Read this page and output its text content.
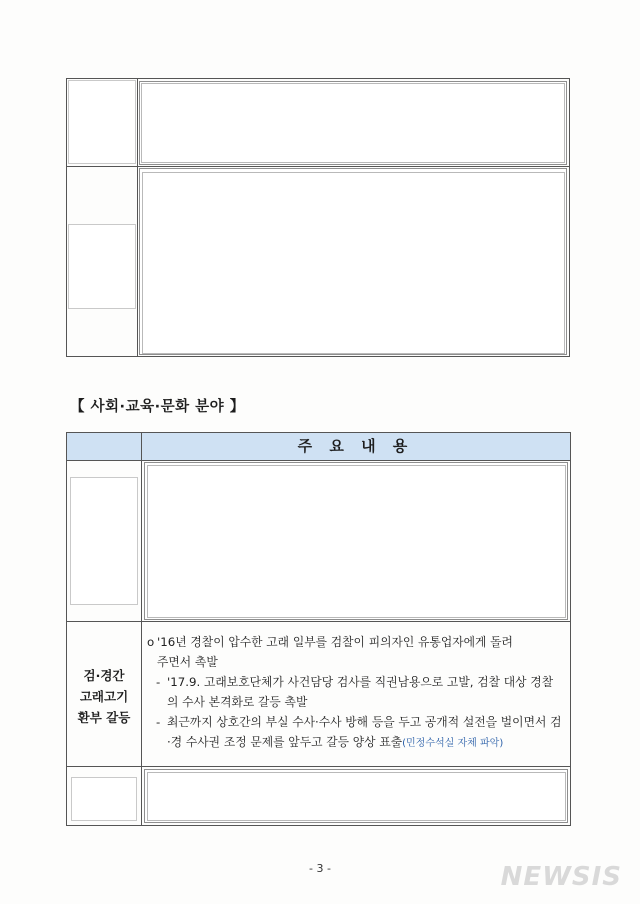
【 사회·교육·문화 분야 】
주 요 내 용
검·경간
고래고기
환부 갈등
o '16년 경찰이 압수한 고래 일부를 검찰이 피의자인 유통업자에게 돌려
주면서 촉발
- '17.9. 고래보호단체가 사건담당 검사를 직권남용으로 고발, 검찰 대상 경찰의 수사 본격화로 갈등 촉발
- 최근까지 상호간의 부실 수사·수사 방해 등을 두고 공개적 설전을 벌이면서 검·경 수사권 조정 문제를 앞두고 갈등 양상 표출(민정수석실 자체 파악)
- 3 -	NEWSIS
